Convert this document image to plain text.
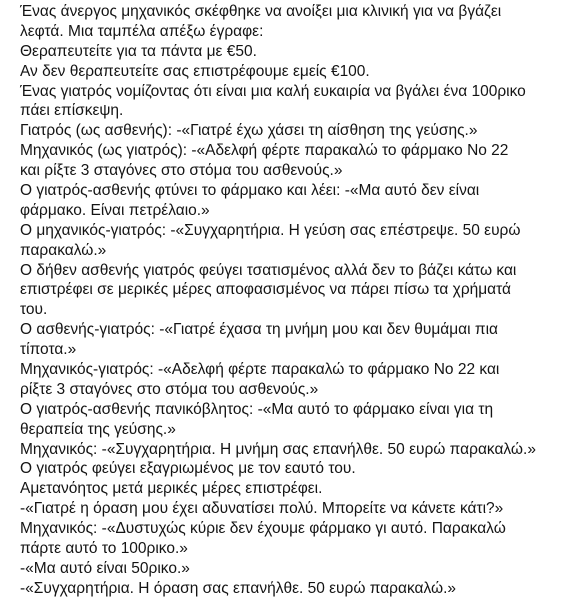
Ένας άνεργος μηχανικός σκέφθηκε να ανοίξει μια κλινική για να βγάζει

λεφτά. Μια ταμπέλα απέξω έγραφε:

Θεραπευτείτε για τα πάντα με €50.

Αν δεν θεραπευτείτε σας επιστρέφουμε εμείς €100.

Ένας γιατρός νομίζοντας ότι είναι μια καλή ευκαιρία να βγάλει ένα 100ρικο

πάει επίσκεψη.

Γιατρός (ως ασθενής): -«Γιατρέ έχω χάσει τη αίσθηση της γεύσης.»

Μηχανικός (ως γιατρός): -«Αδελφή φέρτε παρακαλώ το φάρμακο Νο 22

και ρίξτε 3 σταγόνες στο στόμα του ασθενούς.»

Ο γιατρός-ασθενής φτύνει το φάρμακο και λέει: -«Μα αυτό δεν είναι

φάρμακο. Είναι πετρέλαιο.»

Ο μηχανικός-γιατρός: -«Συγχαρητήρια. Η γεύση σας επέστρεψε. 50 ευρώ

παρακαλώ.»

Ο δήθεν ασθενής γιατρός φεύγει τσατισμένος αλλά δεν το βάζει κάτω και

επιστρέφει σε μερικές μέρες αποφασισμένος να πάρει πίσω τα χρήματά

του.

Ο ασθενής-γιατρός: -«Γιατρέ έχασα τη μνήμη μου και δεν θυμάμαι πια

τίποτα.»

Μηχανικός-γιατρός: -«Αδελφή φέρτε παρακαλώ το φάρμακο Νο 22 και

ρίξτε 3 σταγόνες στο στόμα του ασθενούς.»

Ο γιατρός-ασθενής πανικόβλητος: -«Μα αυτό το φάρμακο είναι για τη

θεραπεία της γεύσης.»

Μηχανικός: -«Συγχαρητήρια. Η μνήμη σας επανήλθε. 50 ευρώ παρακαλώ.»

Ο γιατρός φεύγει εξαγριωμένος με τον εαυτό του.

Αμετανόητος μετά μερικές μέρες επιστρέφει.

-«Γιατρέ η όραση μου έχει αδυνατίσει πολύ. Μπορείτε να κάνετε κάτι?»

Μηχανικός: -«Δυστυχώς κύριε δεν έχουμε φάρμακο γι αυτό. Παρακαλώ

πάρτε αυτό το 100ρικο.»

-«Μα αυτό είναι 50ρικο.»

-«Συγχαρητήρια. Η όραση σας επανήλθε. 50 ευρώ παρακαλώ.»
